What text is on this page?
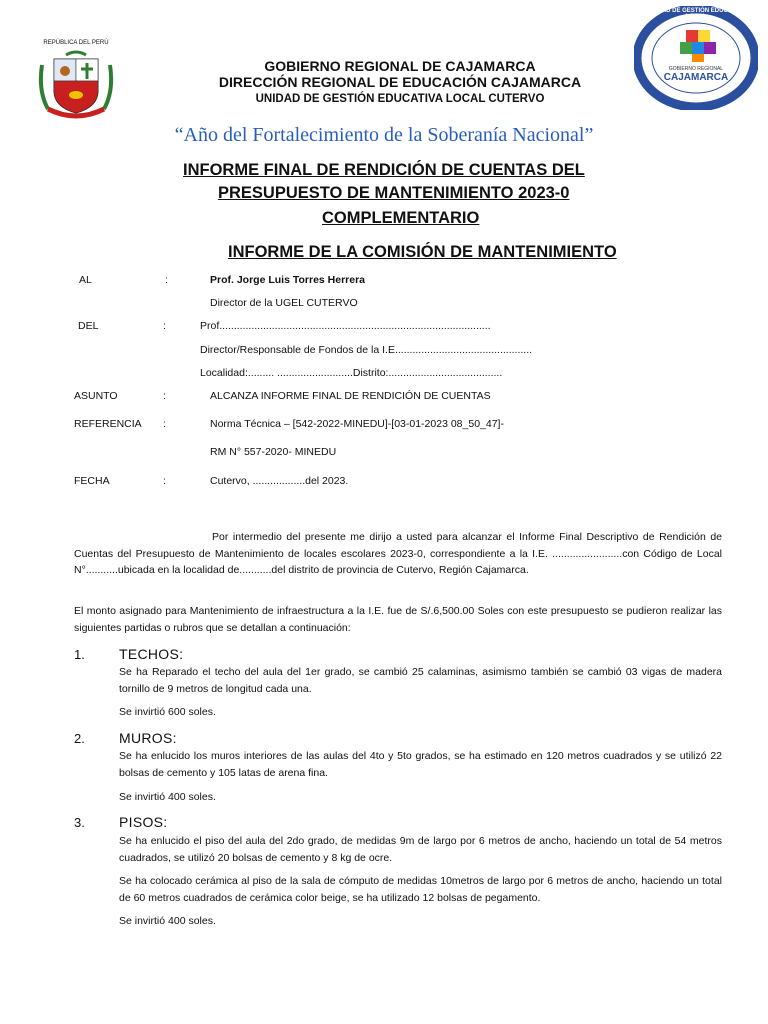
REPÚBLICA DEL PERÚ
GOBIERNO REGIONAL DE CAJAMARCA
DIRECCIÓN REGIONAL DE EDUCACIÓN CAJAMARCA
UNIDAD DE GESTIÓN EDUCATIVA LOCAL CUTERVO
UNIDAD DE GESTIÓN EDUCATIVA LOCAL
GOBIERNO REGIONAL
CAJAMARCA
CUTERVO
“Año del Fortalecimiento de la Soberanía Nacional”
INFORME FINAL DE RENDICIÓN DE CUENTAS DEL
PRESUPUESTO DE MANTENIMIENTO 2023-0
COMPLEMENTARIO
INFORME DE LA COMISIÓN DE MANTENIMIENTO
AL	:	Prof. Jorge Luis Torres Herrera
Director de la UGEL CUTERVO
DEL	:	Prof.............................................................................................
Director/Responsable de Fondos de la I.E...............................................
Localidad:......... ..........................Distrito:.......................................
ASUNTO	:	ALCANZA INFORME FINAL DE RENDICIÓN DE CUENTAS
REFERENCIA :	Norma Técnica – [542-2022-MINEDU]-[03-01-2023 08_50_47]-
RM N° 557-2020- MINEDU
FECHA	:	Cutervo, ..................del 2023.
Por intermedio del presente me dirijo a usted para alcanzar el Informe Final Descriptivo de Rendición de Cuentas del Presupuesto de Mantenimiento de locales escolares 2023-0, correspondiente a la I.E. ........................con Código de Local N°...........ubicada en la localidad de...........del distrito de provincia de Cutervo, Región Cajamarca.
El monto asignado para Mantenimiento de infraestructura a la I.E. fue de S/.6,500.00 Soles con este presupuesto se pudieron realizar las siguientes partidas o rubros que se detallan a continuación:
1. TECHOS:
Se ha Reparado el techo del aula del 1er grado, se cambió 25 calaminas, asimismo también se cambió 03 vigas de madera tornillo de 9 metros de longitud cada una.
Se invirtió 600 soles.
2. MUROS:
Se ha enlucido los muros interiores de las aulas del 4to y 5to grados, se ha estimado en 120 metros cuadrados y se utilizó 22 bolsas de cemento y 105 latas de arena fina.
Se invirtió 400 soles.
3. PISOS:
Se ha enlucido el piso del aula del 2do grado, de medidas 9m de largo por 6 metros de ancho, haciendo un total de 54 metros cuadrados, se utilizó 20 bolsas de cemento y 8 kg de ocre.
Se ha colocado cerámica al piso de la sala de cómputo de medidas 10metros de largo por 6 metros de ancho, haciendo un total de 60 metros cuadrados de cerámica color beige, se ha utilizado 12 bolsas de pegamento.
Se invirtió 400 soles.
